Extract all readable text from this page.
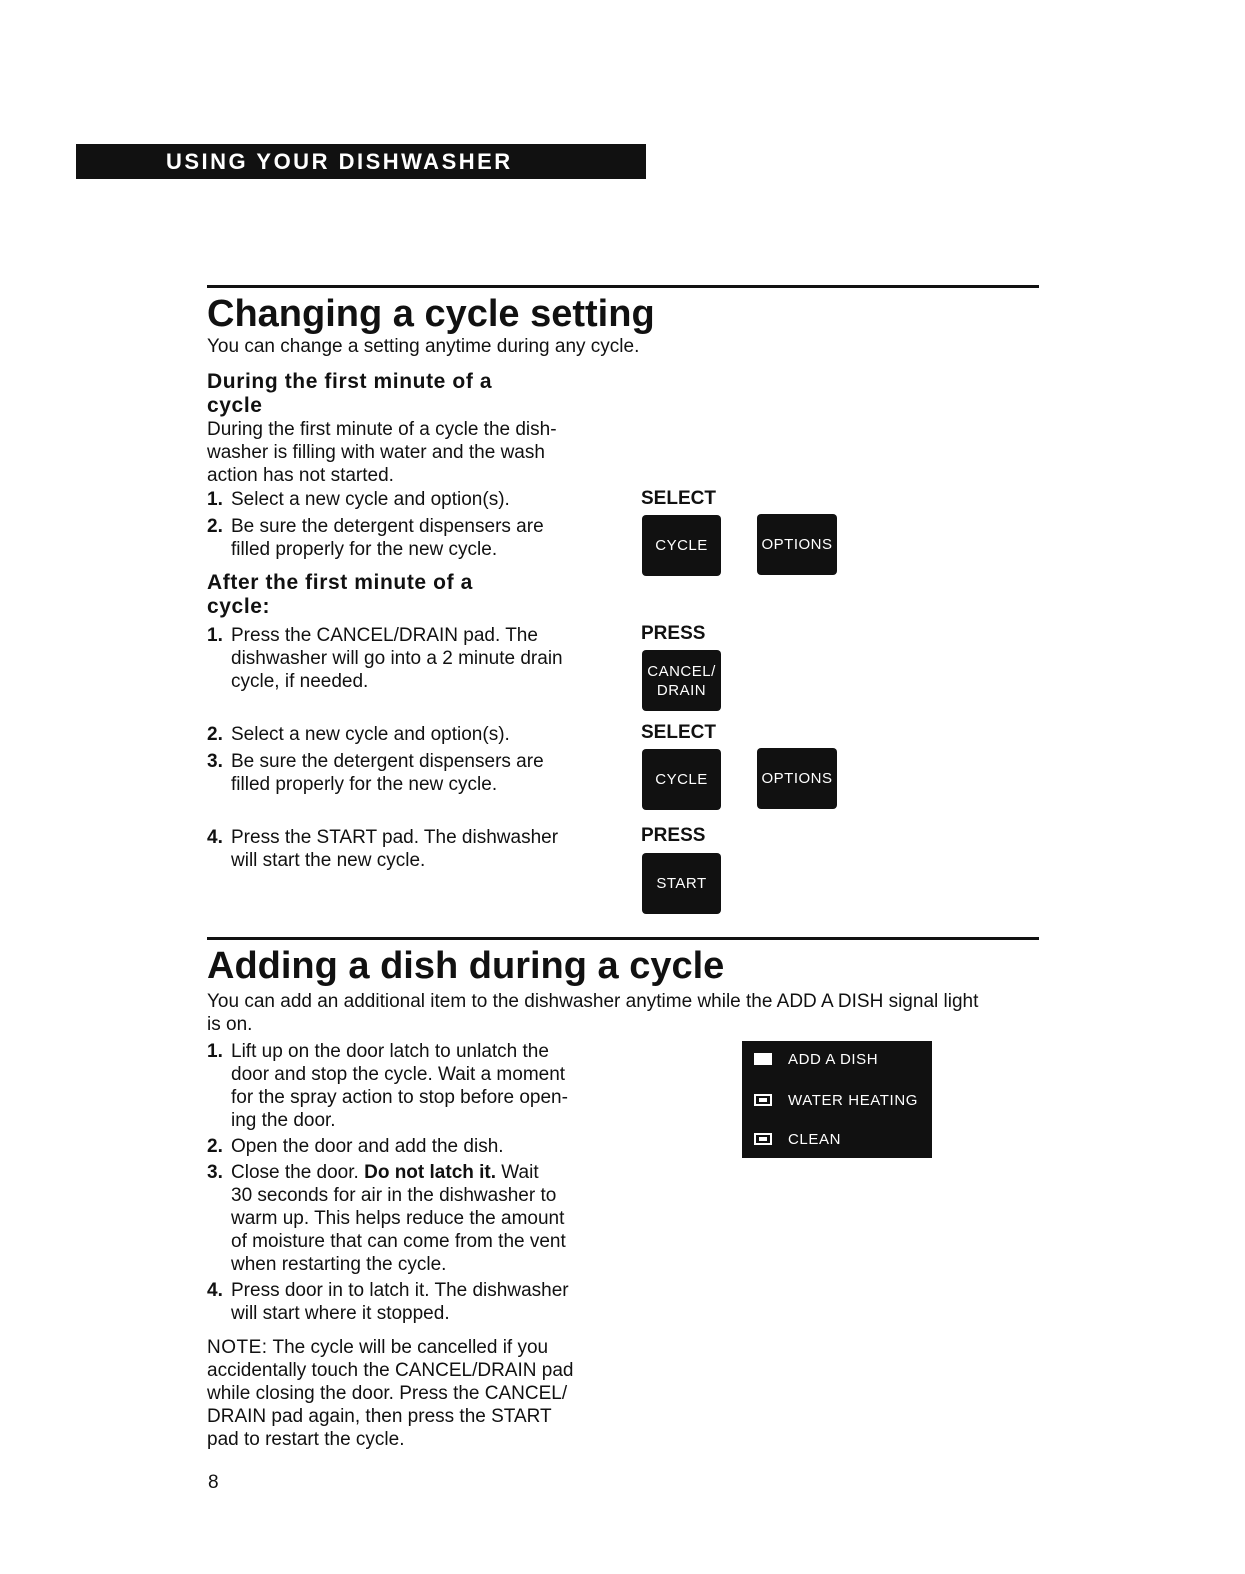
USING YOUR DISHWASHER
Changing a cycle setting
You can change a setting anytime during any cycle.
During the first minute of a
cycle

During the first minute of a cycle the dish-

washer is filling with water and the wash

action has not started.

1. Select a new cycle and option(s).
2. Be sure the detergent dispensers are
filled properly for the new cycle.
After the first minute of a
cycle:
1. Press the CANCEL/DRAIN pad. The
dishwasher will go into a 2 minute drain
cycle, if needed.
2. Select a new cycle and option(s).
3. Be sure the detergent dispensers are
filled properly for the new cycle.
4. Press the START pad. The dishwasher
will start the new cycle.
SELECT
CYCLE	OPTIONS
PRESS
CANCEL/
DRAIN
SELECT
CYCLE	OPTIONS
PRESS
START
Adding a dish during a cycle

You can add an additional item to the dishwasher anytime while the ADD A DISH signal light

is on.

1. Lift up on the door latch to unlatch the
door and stop the cycle. Wait a moment
for the spray action to stop before open-
ing the door.
2. Open the door and add the dish.
3. Close the door. Do not latch it. Wait
30 seconds for air in the dishwasher to
warm up. This helps reduce the amount
of moisture that can come from the vent
when restarting the cycle.
4. Press door in to latch it. The dishwasher
will start where it stopped.

NOTE: The cycle will be cancelled if you

accidentally touch the CANCEL/DRAIN pad

while closing the door. Press the CANCEL/

DRAIN pad again, then press the START

pad to restart the cycle.

ADD A DISH
WATER HEATING
CLEAN
8
